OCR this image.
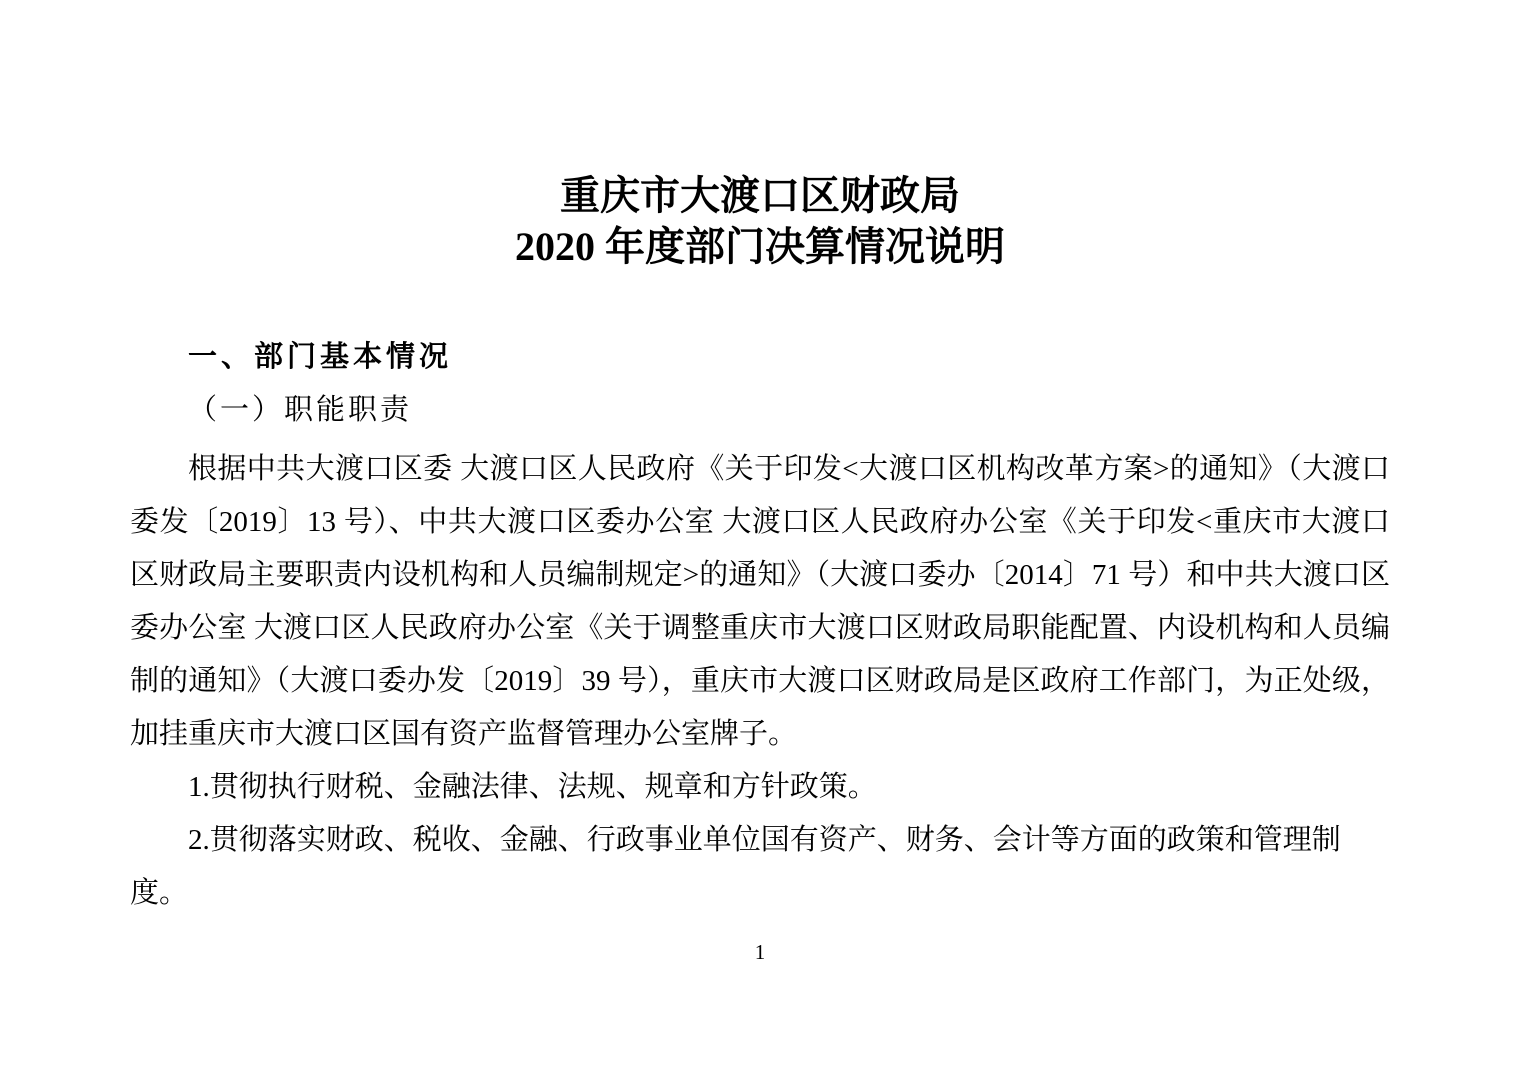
重庆市大渡口区财政局
2020 年度部门决算情况说明
一、部门基本情况
（一）职能职责

根据中共大渡口区委 大渡口区人民政府《关于印发<大渡口区机构改革方案>的通知》（大渡口委发〔2019〕13 号）、中共大渡口区委办公室 大渡口区人民政府办公室《关于印发<重庆市大渡口区财政局主要职责内设机构和人员编制规定>的通知》（大渡口委办〔2014〕71 号）和中共大渡口区委办公室 大渡口区人民政府办公室《关于调整重庆市大渡口区财政局职能配置、内设机构和人员编制的通知》（大渡口委办发〔2019〕39 号），重庆市大渡口区财政局是区政府工作部门，为正处级，加挂重庆市大渡口区国有资产监督管理办公室牌子。

1.贯彻执行财税、金融法律、法规、规章和方针政策。

2.贯彻落实财政、税收、金融、行政事业单位国有资产、财务、会计等方面的政策和管理制度。

1
